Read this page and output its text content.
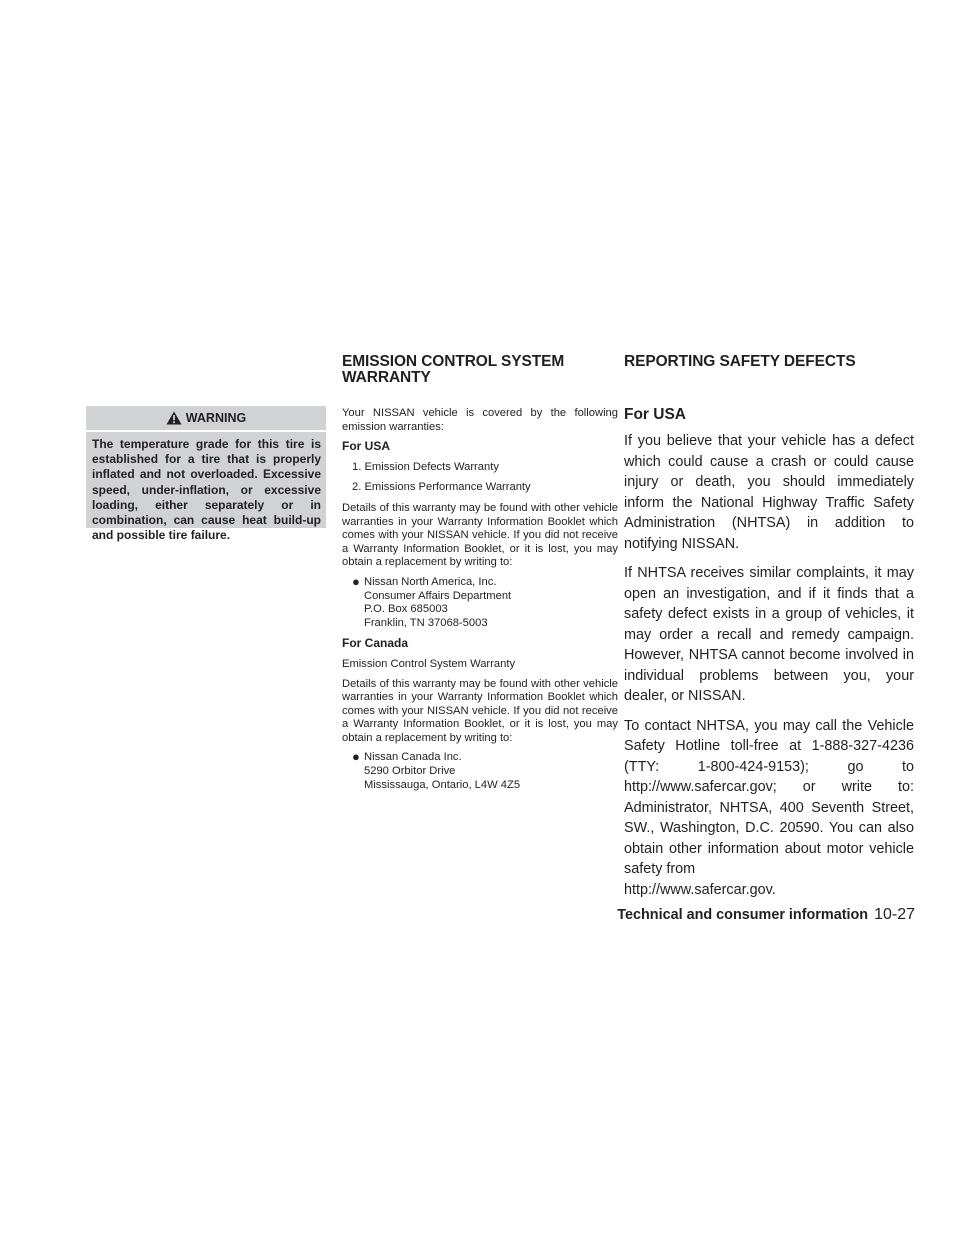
WARNING
The temperature grade for this tire is established for a tire that is properly inflated and not overloaded. Excessive speed, under-inflation, or excessive loading, either separately or in combination, can cause heat build-up and possible tire failure.
EMISSION CONTROL SYSTEM
WARRANTY
REPORTING SAFETY DEFECTS

Your NISSAN vehicle is covered by the following emission warranties:

For USA

1. Emission Defects Warranty
2. Emissions Performance Warranty

Details of this warranty may be found with other vehicle warranties in your Warranty Information Booklet which comes with your NISSAN vehicle. If you did not receive a Warranty Information Booklet, or it is lost, you may obtain a replacement by writing to:

● Nissan North America, Inc.
Consumer Affairs Department
P.O. Box 685003
Franklin, TN 37068-5003

For Canada

Emission Control System Warranty

Details of this warranty may be found with other vehicle warranties in your Warranty Information Booklet which comes with your NISSAN vehicle. If you did not receive a Warranty Information Booklet, or it is lost, you may obtain a replacement by writing to:

● Nissan Canada Inc.
5290 Orbitor Drive
Mississauga, Ontario, L4W 4Z5
For USA

If you believe that your vehicle has a defect which could cause a crash or could cause injury or death, you should immediately inform the National Highway Traffic Safety Administration (NHTSA) in addition to notifying NISSAN.

If NHTSA receives similar complaints, it may open an investigation, and if it finds that a safety defect exists in a group of vehicles, it may order a recall and remedy campaign. However, NHTSA cannot become involved in individual problems between you, your dealer, or NISSAN.

To contact NHTSA, you may call the Vehicle Safety Hotline toll-free at 1-888-327-4236 (TTY: 1-800-424-9153); go to http://www.safercar.gov; or write to: Administrator, NHTSA, 400 Seventh Street, SW., Washington, D.C. 20590. You can also obtain other information about motor vehicle safety from

http://www.safercar.gov.

Technical and consumer information 10-27
